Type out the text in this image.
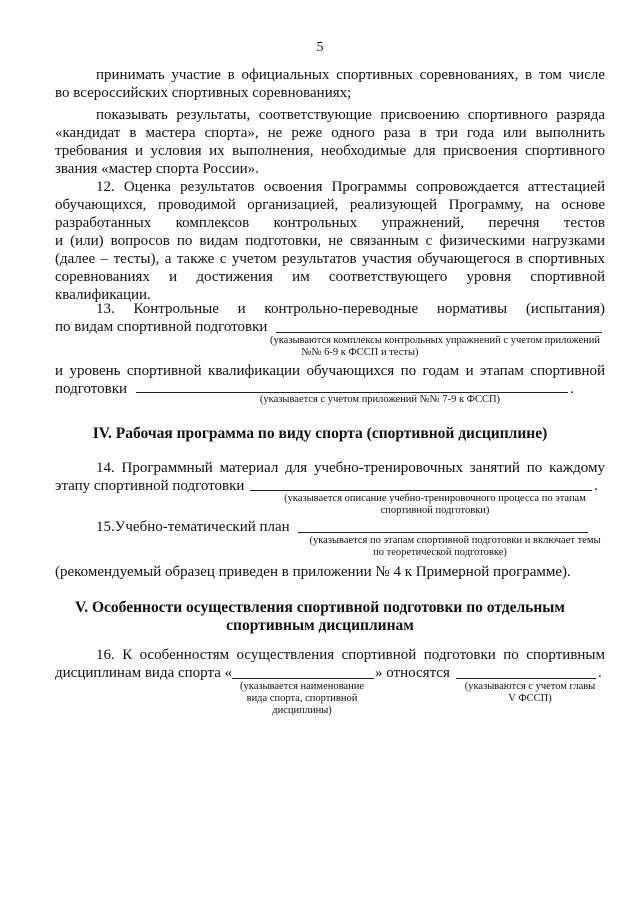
5
принимать участие в официальных спортивных соревнованиях, в том числе
во всероссийских спортивных соревнованиях;
показывать результаты, соответствующие присвоению спортивного разряда
«кандидат в мастера спорта», не реже одного раза в три года или выполнить
требования и условия их выполнения, необходимые для присвоения спортивного
звания «мастер спорта России».
12. Оценка результатов освоения Программы сопровождается аттестацией
обучающихся, проводимой организацией, реализующей Программу, на основе
разработанных комплексов контрольных упражнений, перечня тестов
и (или) вопросов по видам подготовки, не связанным с физическими нагрузками
(далее – тесты), а также с учетом результатов участия обучающегося в спортивных
соревнованиях и достижения им соответствующего уровня спортивной
квалификации.
13. Контрольные и контрольно-переводные нормативы (испытания)
по видам спортивной подготовки
(указываются комплексы контрольных упражнений с учетом приложений
№№ 6-9 к ФССП и тесты)
и уровень спортивной квалификации обучающихся по годам и этапам спортивной
подготовки	.
(указывается с учетом приложений №№ 7-9 к ФССП)
IV. Рабочая программа по виду спорта (спортивной дисциплине)
14. Программный материал для учебно-тренировочных занятий по каждому
этапу спортивной подготовки	.
(указывается описание учебно-тренировочного процесса по этапам
спортивной подготовки)
15.Учебно-тематический план
(указывается по этапам спортивной подготовки и включает темы
по теоретической подготовке)
(рекомендуемый образец приведен в приложении № 4 к Примерной программе).
V. Особенности осуществления спортивной подготовки по отдельным
спортивным дисциплинам
16. К особенностям осуществления спортивной подготовки по спортивным
дисциплинам вида спорта «	» относятся	.
(указывается наименование
вида спорта, спортивной
дисциплины)
(указываются с учетом главы
V ФССП)
